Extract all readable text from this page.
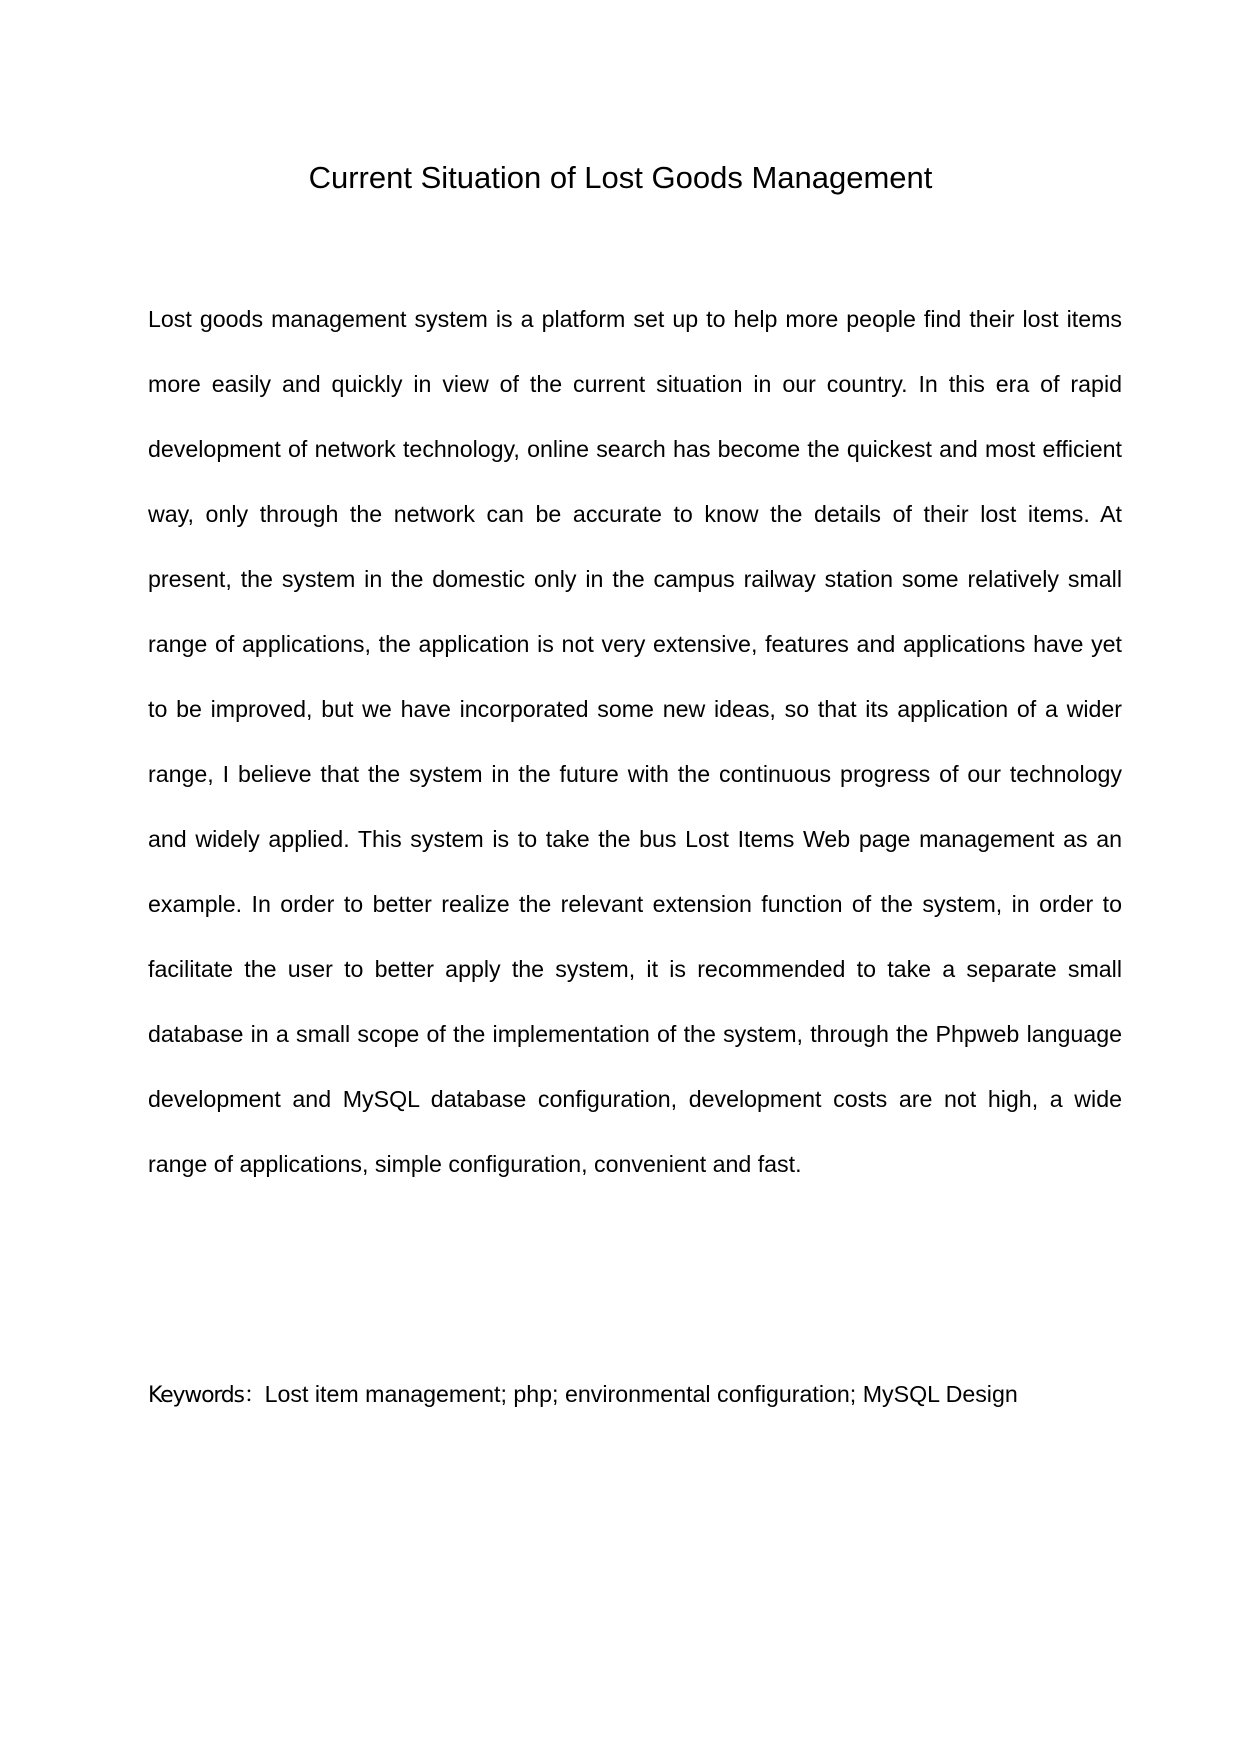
Current Situation of Lost Goods Management

Lost goods management system is a platform set up to help more people find their lost items more easily and quickly in view of the current situation in our country. In this era of rapid development of network technology, online search has become the quickest and most efficient way, only through the network can be accurate to know the details of their lost items. At present, the system in the domestic only in the campus railway station some relatively small range of applications, the application is not very extensive, features and applications have yet to be improved, but we have incorporated some new ideas, so that its application of a wider range, I believe that the system in the future with the continuous progress of our technology and widely applied. This system is to take the bus Lost Items Web page management as an example. In order to better realize the relevant extension function of the system, in order to facilitate the user to better apply the system, it is recommended to take a separate small database in a small scope of the implementation of the system, through the Phpweb language development and MySQL database configuration, development costs are not high, a wide range of applications, simple configuration, convenient and fast.

Keywords：Lost item management; php; environmental configuration; MySQL Design
